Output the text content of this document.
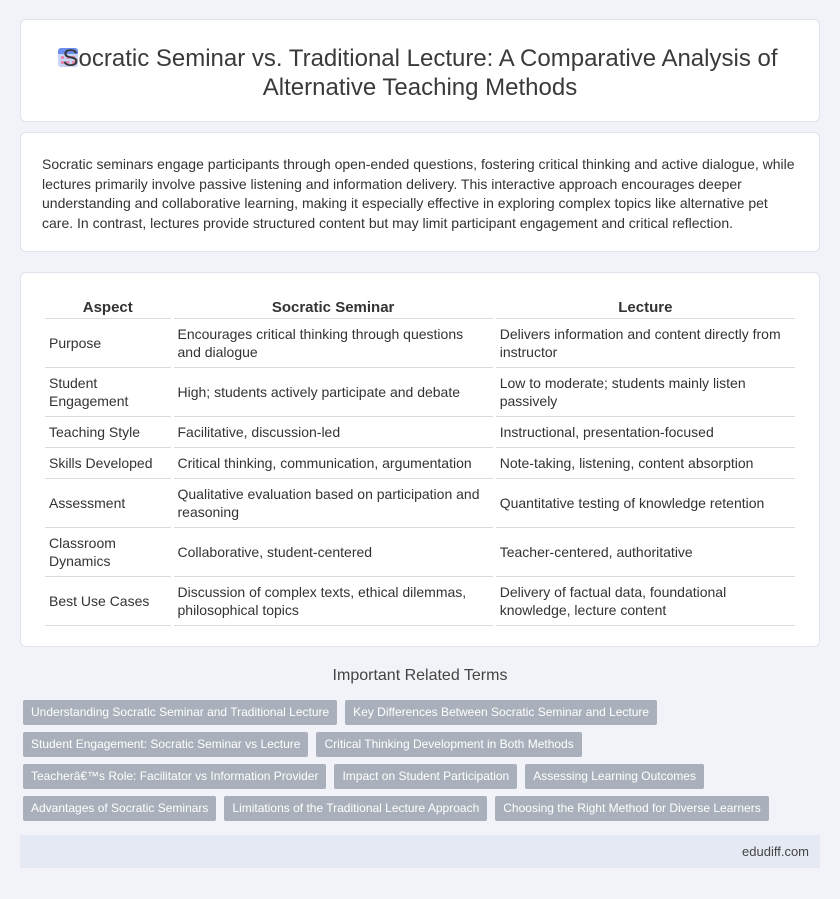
Socratic Seminar vs. Traditional Lecture: A Comparative Analysis of Alternative Teaching Methods

Socratic seminars engage participants through open-ended questions, fostering critical thinking and active dialogue, while lectures primarily involve passive listening and information delivery. This interactive approach encourages deeper understanding and collaborative learning, making it especially effective in exploring complex topics like alternative pet care. In contrast, lectures provide structured content but may limit participant engagement and critical reflection.

Aspect	Socratic Seminar	Lecture
Purpose	Encourages critical thinking through questions and dialogue	Delivers information and content directly from instructor
Student Engagement	High; students actively participate and debate	Low to moderate; students mainly listen passively
Teaching Style	Facilitative, discussion-led	Instructional, presentation-focused
Skills Developed	Critical thinking, communication, argumentation	Note-taking, listening, content absorption
Assessment	Qualitative evaluation based on participation and reasoning	Quantitative testing of knowledge retention
Classroom Dynamics	Collaborative, student-centered	Teacher-centered, authoritative
Best Use Cases	Discussion of complex texts, ethical dilemmas, philosophical topics	Delivery of factual data, foundational knowledge, lecture content
Important Related Terms
Understanding Socratic Seminar and Traditional Lecture	Key Differences Between Socratic Seminar and Lecture
Student Engagement: Socratic Seminar vs Lecture	Critical Thinking Development in Both Methods
Teacherâ€™s Role: Facilitator vs Information Provider	Impact on Student Participation	Assessing Learning Outcomes
Advantages of Socratic Seminars	Limitations of the Traditional Lecture Approach	Choosing the Right Method for Diverse Learners
edudiff.com
